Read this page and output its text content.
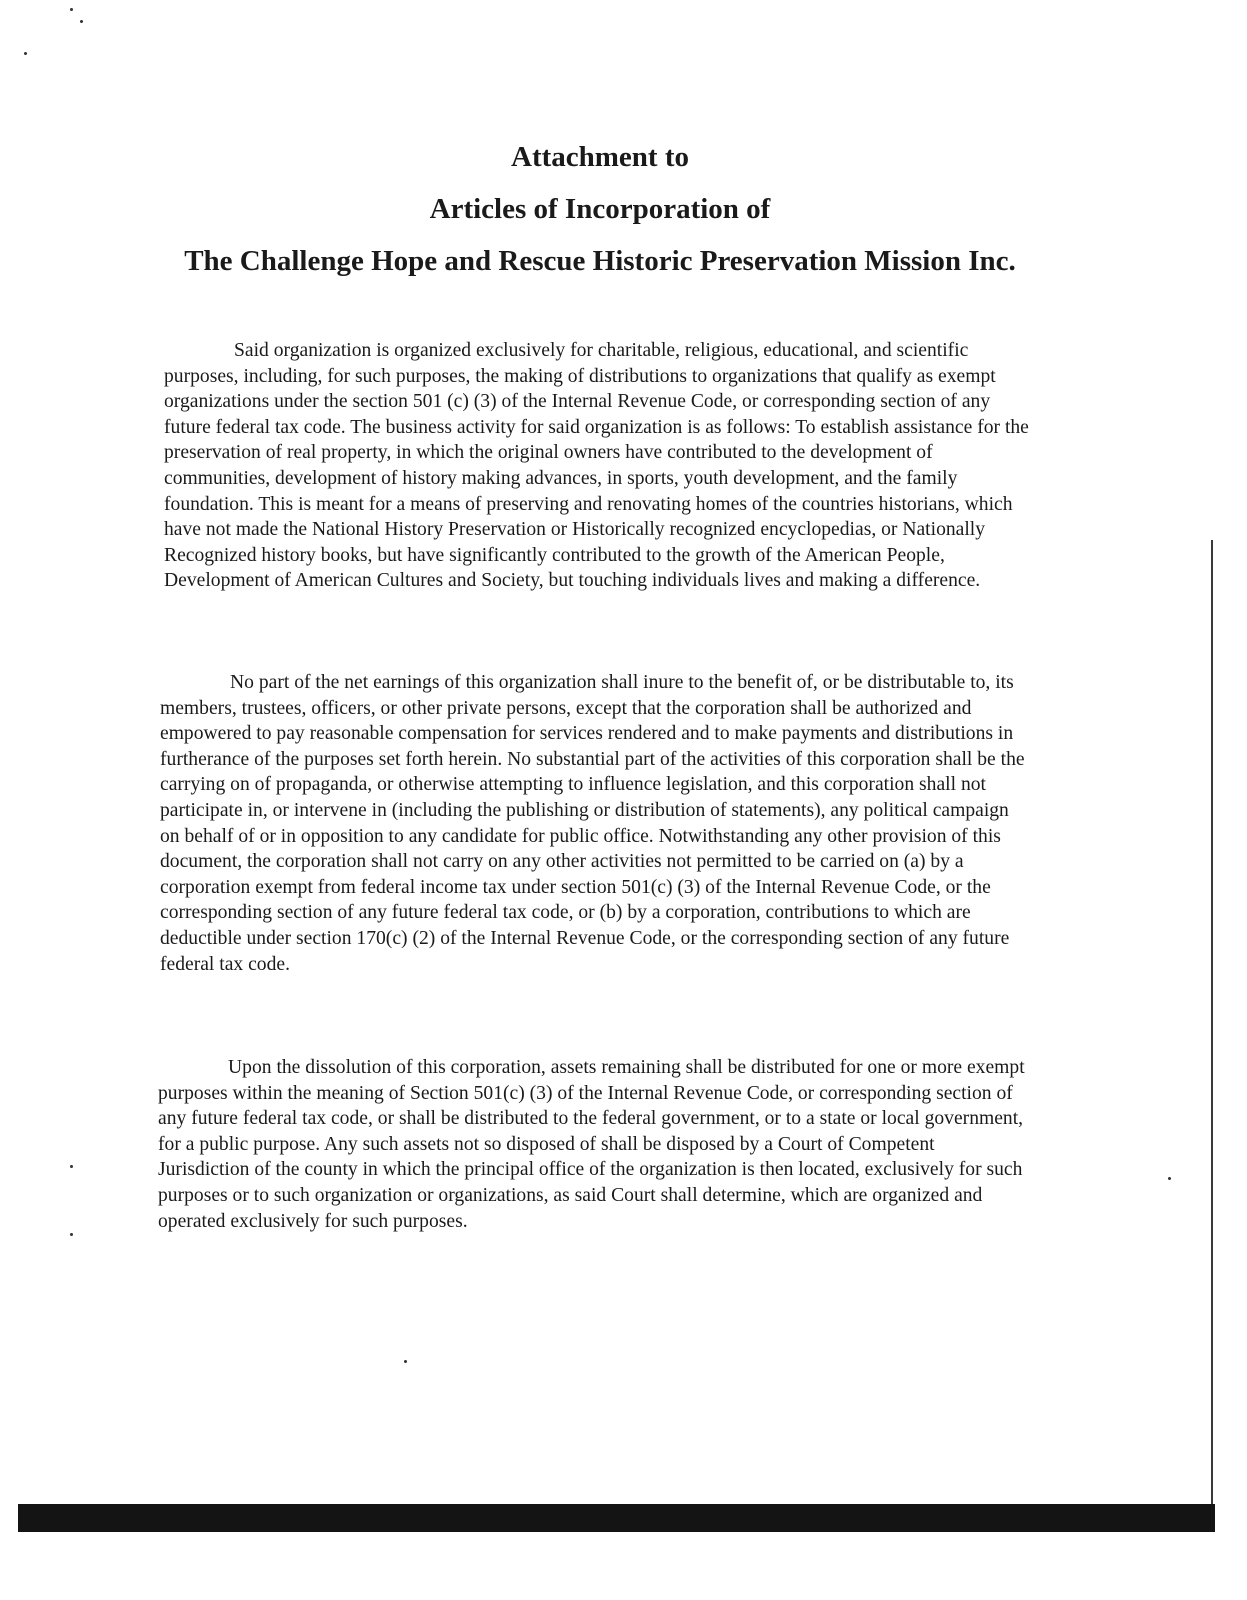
Attachment to

Articles of Incorporation of

The Challenge Hope and Rescue Historic Preservation Mission Inc.

Said organization is organized exclusively for charitable, religious, educational, and scientific purposes, including, for such purposes, the making of distributions to organizations that qualify as exempt organizations under the section 501 (c) (3) of the Internal Revenue Code, or corresponding section of any future federal tax code. The business activity for said organization is as follows: To establish assistance for the preservation of real property, in which the original owners have contributed to the development of communities, development of history making advances, in sports, youth development, and the family foundation. This is meant for a means of preserving and renovating homes of the countries historians, which have not made the National History Preservation or Historically recognized encyclopedias, or Nationally Recognized history books, but have significantly contributed to the growth of the American People, Development of American Cultures and Society, but touching individuals lives and making a difference.

No part of the net earnings of this organization shall inure to the benefit of, or be distributable to, its members, trustees, officers, or other private persons, except that the corporation shall be authorized and empowered to pay reasonable compensation for services rendered and to make payments and distributions in furtherance of the purposes set forth herein. No substantial part of the activities of this corporation shall be the carrying on of propaganda, or otherwise attempting to influence legislation, and this corporation shall not participate in, or intervene in (including the publishing or distribution of statements), any political campaign on behalf of or in opposition to any candidate for public office. Notwithstanding any other provision of this document, the corporation shall not carry on any other activities not permitted to be carried on (a) by a corporation exempt from federal income tax under section 501(c) (3) of the Internal Revenue Code, or the corresponding section of any future federal tax code, or (b) by a corporation, contributions to which are deductible under section 170(c) (2) of the Internal Revenue Code, or the corresponding section of any future federal tax code.

Upon the dissolution of this corporation, assets remaining shall be distributed for one or more exempt purposes within the meaning of Section 501(c) (3) of the Internal Revenue Code, or corresponding section of any future federal tax code, or shall be distributed to the federal government, or to a state or local government, for a public purpose. Any such assets not so disposed of shall be disposed by a Court of Competent Jurisdiction of the county in which the principal office of the organization is then located, exclusively for such purposes or to such organization or organizations, as said Court shall determine, which are organized and operated exclusively for such purposes.
